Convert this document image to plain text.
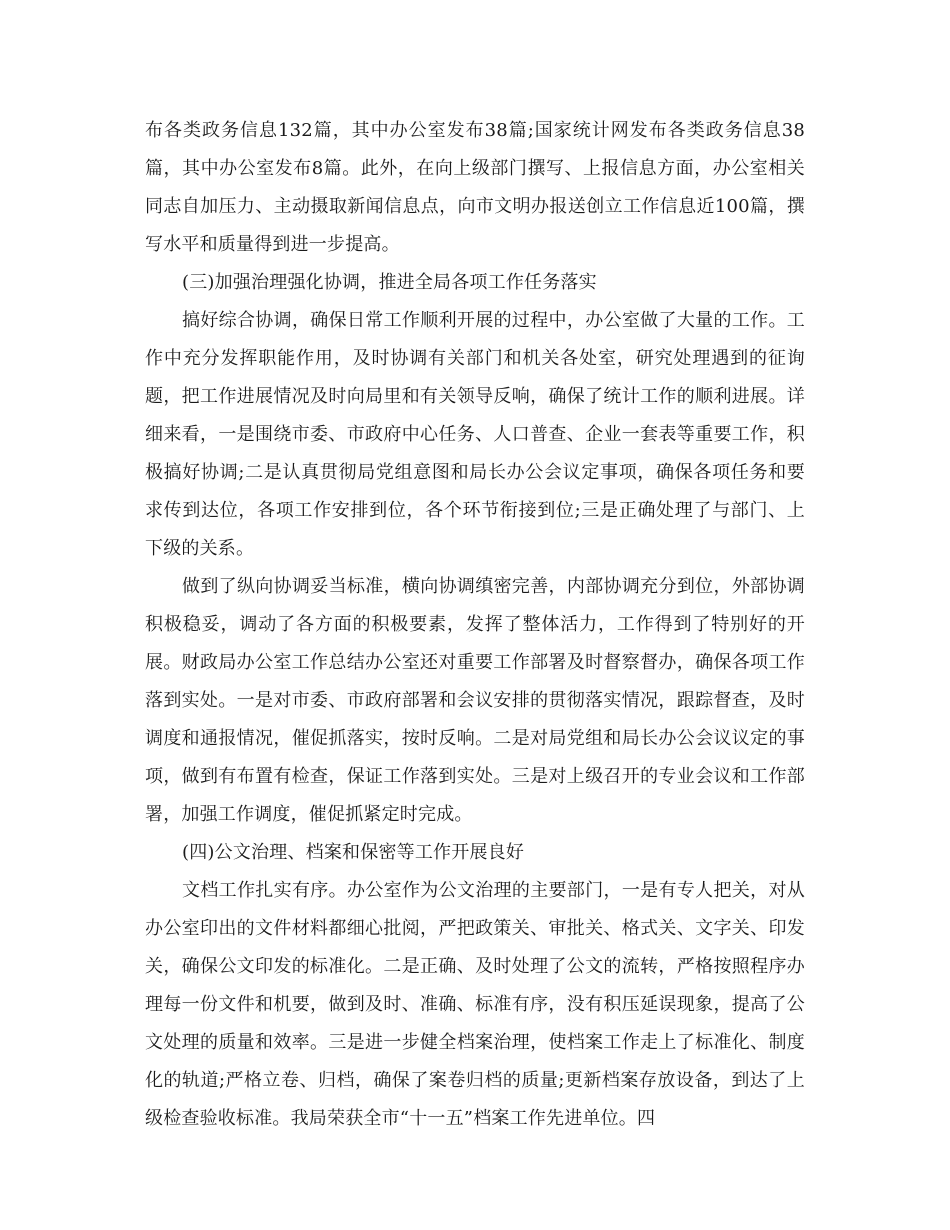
布各类政务信息132篇，其中办公室发布38篇;国家统计网发布各类政务信息38篇，其中办公室发布8篇。此外，在向上级部门撰写、上报信息方面，办公室相关同志自加压力、主动摄取新闻信息点，向市文明办报送创立工作信息近100篇，撰写水平和质量得到进一步提高。

(三)加强治理强化协调，推进全局各项工作任务落实

搞好综合协调，确保日常工作顺利开展的过程中，办公室做了大量的工作。工作中充分发挥职能作用，及时协调有关部门和机关各处室，研究处理遇到的征询题，把工作进展情况及时向局里和有关领导反响，确保了统计工作的顺利进展。详细来看，一是围绕市委、市政府中心任务、人口普查、企业一套表等重要工作，积极搞好协调;二是认真贯彻局党组意图和局长办公会议定事项，确保各项任务和要求传到达位，各项工作安排到位，各个环节衔接到位;三是正确处理了与部门、上下级的关系。

做到了纵向协调妥当标准，横向协调缜密完善，内部协调充分到位，外部协调积极稳妥，调动了各方面的积极要素，发挥了整体活力，工作得到了特别好的开展。财政局办公室工作总结办公室还对重要工作部署及时督察督办，确保各项工作落到实处。一是对市委、市政府部署和会议安排的贯彻落实情况，跟踪督查，及时调度和通报情况，催促抓落实，按时反响。二是对局党组和局长办公会议议定的事项，做到有布置有检查，保证工作落到实处。三是对上级召开的专业会议和工作部署，加强工作调度，催促抓紧定时完成。

(四)公文治理、档案和保密等工作开展良好

文档工作扎实有序。办公室作为公文治理的主要部门，一是有专人把关，对从办公室印出的文件材料都细心批阅，严把政策关、审批关、格式关、文字关、印发关，确保公文印发的标准化。二是正确、及时处理了公文的流转，严格按照程序办理每一份文件和机要，做到及时、准确、标准有序，没有积压延误现象，提高了公文处理的质量和效率。三是进一步健全档案治理，使档案工作走上了标准化、制度化的轨道;严格立卷、归档，确保了案卷归档的质量;更新档案存放设备，到达了上级检查验收标准。我局荣获全市“十一五”档案工作先进单位。四
